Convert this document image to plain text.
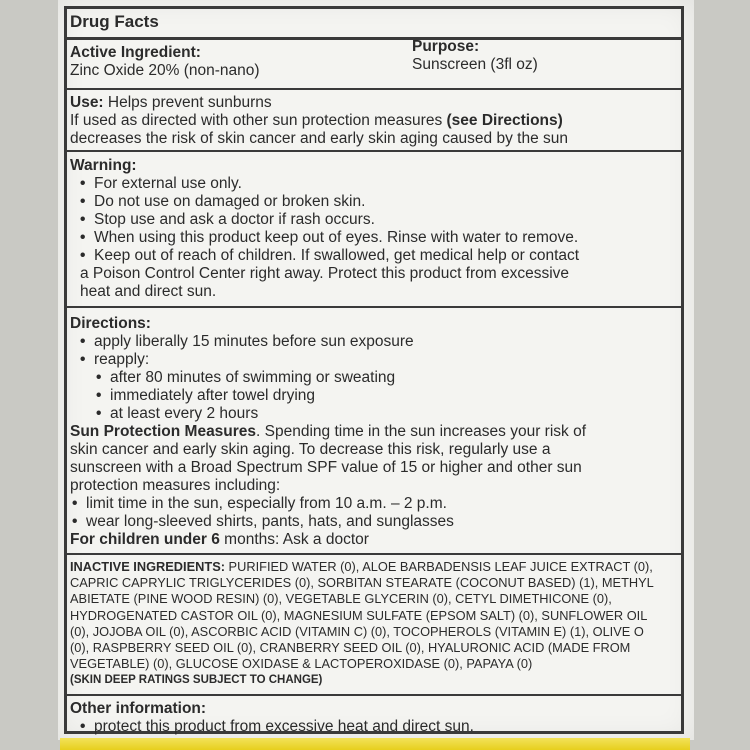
Drug Facts
Active Ingredient:
Zinc Oxide 20% (non-nano)
Purpose:
Sunscreen (3fl oz)
Use: Helps prevent sunburns
If used as directed with other sun protection measures (see Directions)
decreases the risk of skin cancer and early skin aging caused by the sun
Warning:
• For external use only.
• Do not use on damaged or broken skin.
• Stop use and ask a doctor if rash occurs.
• When using this product keep out of eyes. Rinse with water to remove.
• Keep out of reach of children. If swallowed, get medical help or contact
a Poison Control Center right away. Protect this product from excessive
heat and direct sun.
Directions:
• apply liberally 15 minutes before sun exposure
• reapply:
• after 80 minutes of swimming or sweating
• immediately after towel drying
• at least every 2 hours
Sun Protection Measures. Spending time in the sun increases your risk of
skin cancer and early skin aging. To decrease this risk, regularly use a
sunscreen with a Broad Spectrum SPF value of 15 or higher and other sun
protection measures including:
• limit time in the sun, especially from 10 a.m. – 2 p.m.
• wear long-sleeved shirts, pants, hats, and sunglasses
For children under 6 months: Ask a doctor
INACTIVE INGREDIENTS: PURIFIED WATER (0), ALOE BARBADENSIS LEAF JUICE EXTRACT (0),
CAPRIC CAPRYLIC TRIGLYCERIDES (0), SORBITAN STEARATE (COCONUT BASED) (1), METHYL
ABIETATE (PINE WOOD RESIN) (0), VEGETABLE GLYCERIN (0), CETYL DIMETHICONE (0),
HYDROGENATED CASTOR OIL (0), MAGNESIUM SULFATE (EPSOM SALT) (0), SUNFLOWER OIL
(0), JOJOBA OIL (0), ASCORBIC ACID (VITAMIN C) (0), TOCOPHEROLS (VITAMIN E) (1), OLIVE O
(0), RASPBERRY SEED OIL (0), CRANBERRY SEED OIL (0), HYALURONIC ACID (MADE FROM
VEGETABLE) (0), GLUCOSE OXIDASE & LACTOPEROXIDASE (0), PAPAYA (0)
(SKIN DEEP RATINGS SUBJECT TO CHANGE)
Other information:
• protect this product from excessive heat and direct sun.
